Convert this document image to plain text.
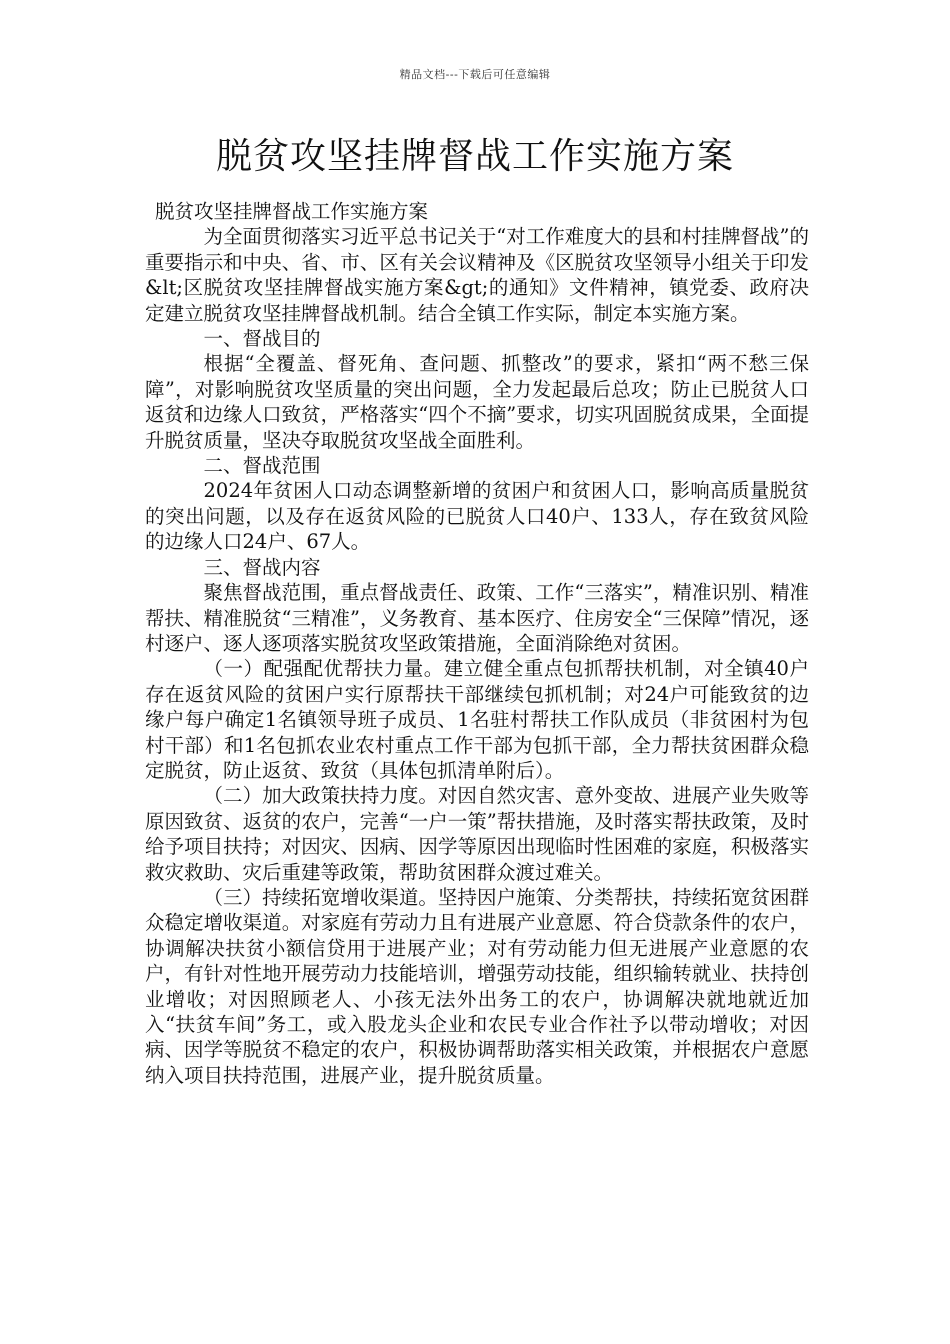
精品文档---下载后可任意编辑
脱贫攻坚挂牌督战工作实施方案

脱贫攻坚挂牌督战工作实施方案

为全面贯彻落实习近平总书记关于“对工作难度大的县和村挂牌督战”的重要指示和中央、省、市、区有关会议精神及《区脱贫攻坚领导小组关于印发&lt;区脱贫攻坚挂牌督战实施方案&gt;的通知》文件精神，镇党委、政府决定建立脱贫攻坚挂牌督战机制。结合全镇工作实际，制定本实施方案。

一、督战目的

根据“全覆盖、督死角、查问题、抓整改”的要求，紧扣“两不愁三保障”，对影响脱贫攻坚质量的突出问题，全力发起最后总攻；防止已脱贫人口返贫和边缘人口致贫，严格落实“四个不摘”要求，切实巩固脱贫成果，全面提升脱贫质量，坚决夺取脱贫攻坚战全面胜利。

二、督战范围

2024年贫困人口动态调整新增的贫困户和贫困人口，影响高质量脱贫的突出问题，以及存在返贫风险的已脱贫人口40户、133人，存在致贫风险的边缘人口24户、67人。

三、督战内容

聚焦督战范围，重点督战责任、政策、工作“三落实”，精准识别、精准帮扶、精准脱贫“三精准”，义务教育、基本医疗、住房安全“三保障”情况，逐村逐户、逐人逐项落实脱贫攻坚政策措施，全面消除绝对贫困。

（一）配强配优帮扶力量。建立健全重点包抓帮扶机制，对全镇40户存在返贫风险的贫困户实行原帮扶干部继续包抓机制；对24户可能致贫的边缘户每户确定1名镇领导班子成员、1名驻村帮扶工作队成员（非贫困村为包村干部）和1名包抓农业农村重点工作干部为包抓干部，全力帮扶贫困群众稳定脱贫，防止返贫、致贫（具体包抓清单附后）。

（二）加大政策扶持力度。对因自然灾害、意外变故、进展产业失败等原因致贫、返贫的农户，完善“一户一策”帮扶措施，及时落实帮扶政策，及时给予项目扶持；对因灾、因病、因学等原因出现临时性困难的家庭，积极落实救灾救助、灾后重建等政策，帮助贫困群众渡过难关。

（三）持续拓宽增收渠道。坚持因户施策、分类帮扶，持续拓宽贫困群众稳定增收渠道。对家庭有劳动力且有进展产业意愿、符合贷款条件的农户，协调解决扶贫小额信贷用于进展产业；对有劳动能力但无进展产业意愿的农户，有针对性地开展劳动力技能培训，增强劳动技能，组织输转就业、扶持创业增收；对因照顾老人、小孩无法外出务工的农户，协调解决就地就近加入“扶贫车间”务工，或入股龙头企业和农民专业合作社予以带动增收；对因病、因学等脱贫不稳定的农户，积极协调帮助落实相关政策，并根据农户意愿纳入项目扶持范围，进展产业，提升脱贫质量。
